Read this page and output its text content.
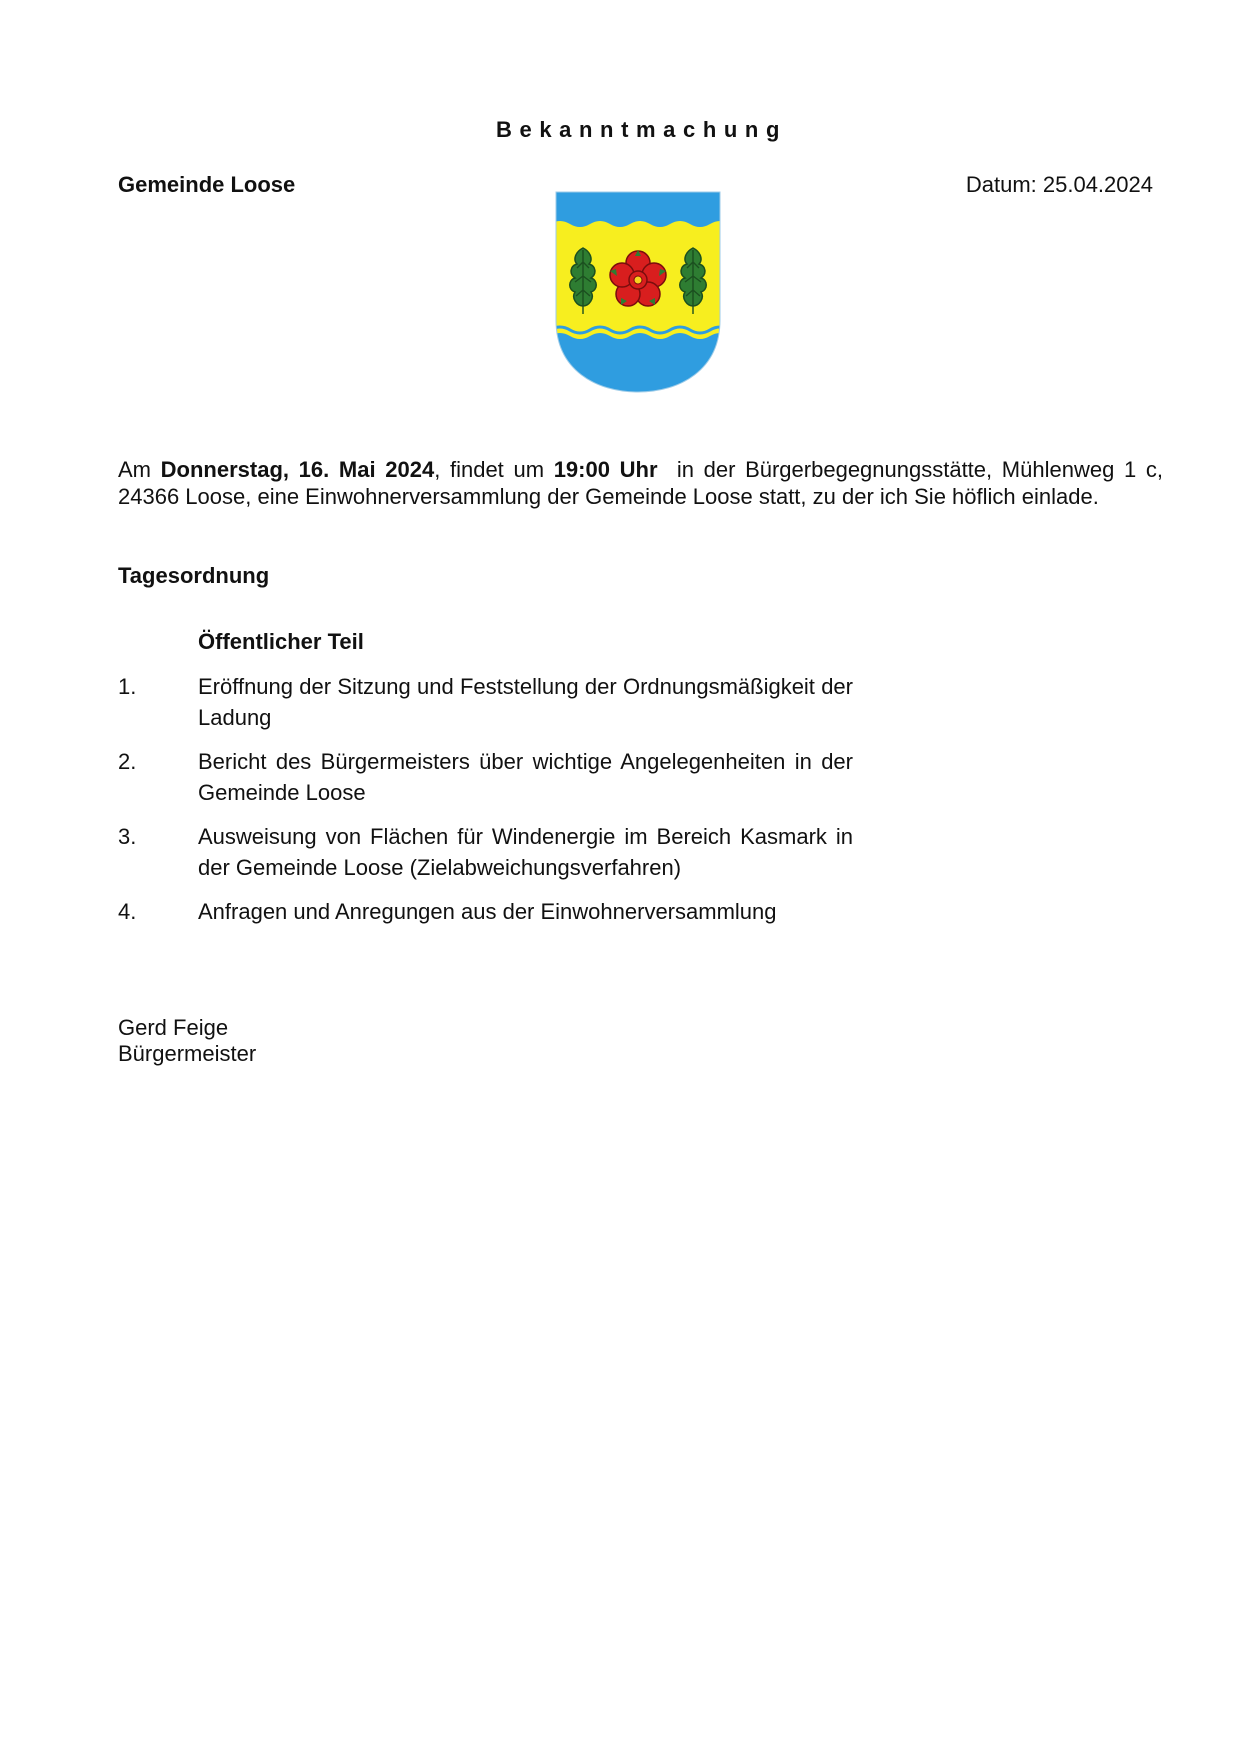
Bekanntmachung
Gemeinde Loose	Datum: 25.04.2024
Am Donnerstag, 16. Mai 2024, findet um 19:00 Uhr  in der Bürgerbegegnungsstätte, Mühlenweg 1 c, 24366 Loose, eine Einwohnerversammlung der Gemeinde Loose statt, zu der ich Sie höflich einlade.
Tagesordnung
Öffentlicher Teil
1.	Eröffnung der Sitzung und Feststellung der Ordnungsmäßigkeit der Ladung
2.	Bericht des Bürgermeisters über wichtige Angelegenheiten in der Gemeinde Loose
3.	Ausweisung von Flächen für Windenergie im Bereich Kasmark in der Gemeinde Loose (Zielabweichungsverfahren)
4.	Anfragen und Anregungen aus der Einwohnerversammlung
Gerd Feige
Bürgermeister
